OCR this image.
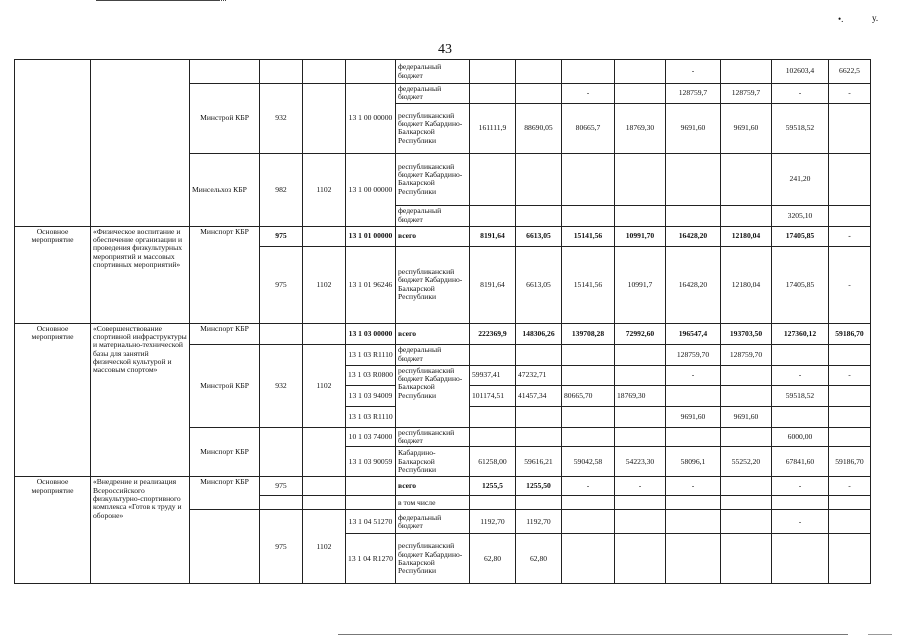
•.	y.
43
						федеральный бюджет					-		102603,4	6622,5
		Минстрой КБР	932		13 1 00 00000	федеральный бюджет			-		128759,7	128759,7	-	-
						республиканский бюджет Кабардино-Балкарской Республики	161111,9	88690,05	80665,7	18769,30	9691,60	9691,60	59518,52	
		Минсельхоз КБР	982	1102	13 1 00 00000	республиканский бюджет Кабардино-Балкарской Республики							241,20	
						федеральный бюджет							3205,10	

Основное мероприятие	«Физическое воспитание и обеспечение организации и проведения физкультурных мероприятий и массовых спортивных мероприятий»	Минспорт КБР	975		13 1 01 00000	всего	8191,64	6613,05	15141,56	10991,70	16428,20	12180,04	17405,85	-
			975	1102	13 1 01 96246	республиканский бюджет Кабардино-Балкарской Республики	8191,64	6613,05	15141,56	10991,7	16428,20	12180,04	17405,85	-
Основное мероприятие	«Совершенствование спортивной инфраструктуры и материально-технической базы для занятий физической культурой и массовым спортом»	Минспорт КБР			13 1 03 00000	всего	222369,9	148306,26	139708,28	72992,60	196547,4	193703,50	127360,12	59186,70
		Минстрой КБР	932	1102	13 1 03 R1110	федеральный бюджет					128759,70	128759,70		
					13 1 03 R0800	республиканский бюджет Кабардино-Балкарской Республики	59937,41	47232,71			-		-	-
					13 1 03 94009		101174,51	41457,34	80665,70	18769,30			59518,52	
					13 1 03 R1110						9691,60	9691,60		
		Минспорт КБР			10 1 03 74000	республиканский бюджет							6000,00	
					13 1 03 90059	Кабардино-Балкарской Республики	61258,00	59616,21	59042,58	54223,30	58096,1	55252,20	67841,60	59186,70
Основное мероприятие	«Внедрение и реализация Всероссийского физкультурно-спортивного комплекса «Готов к труду и обороне»	Минспорт КБР	975			всего	1255,5	1255,50	-	-	-		-	-
						в том числе								
			975	1102	13 1 04 51270	федеральный бюджет	1192,70	1192,70					-	
					13 1 04 R1270	республиканский бюджет Кабардино-Балкарской Республики	62,80	62,80						
